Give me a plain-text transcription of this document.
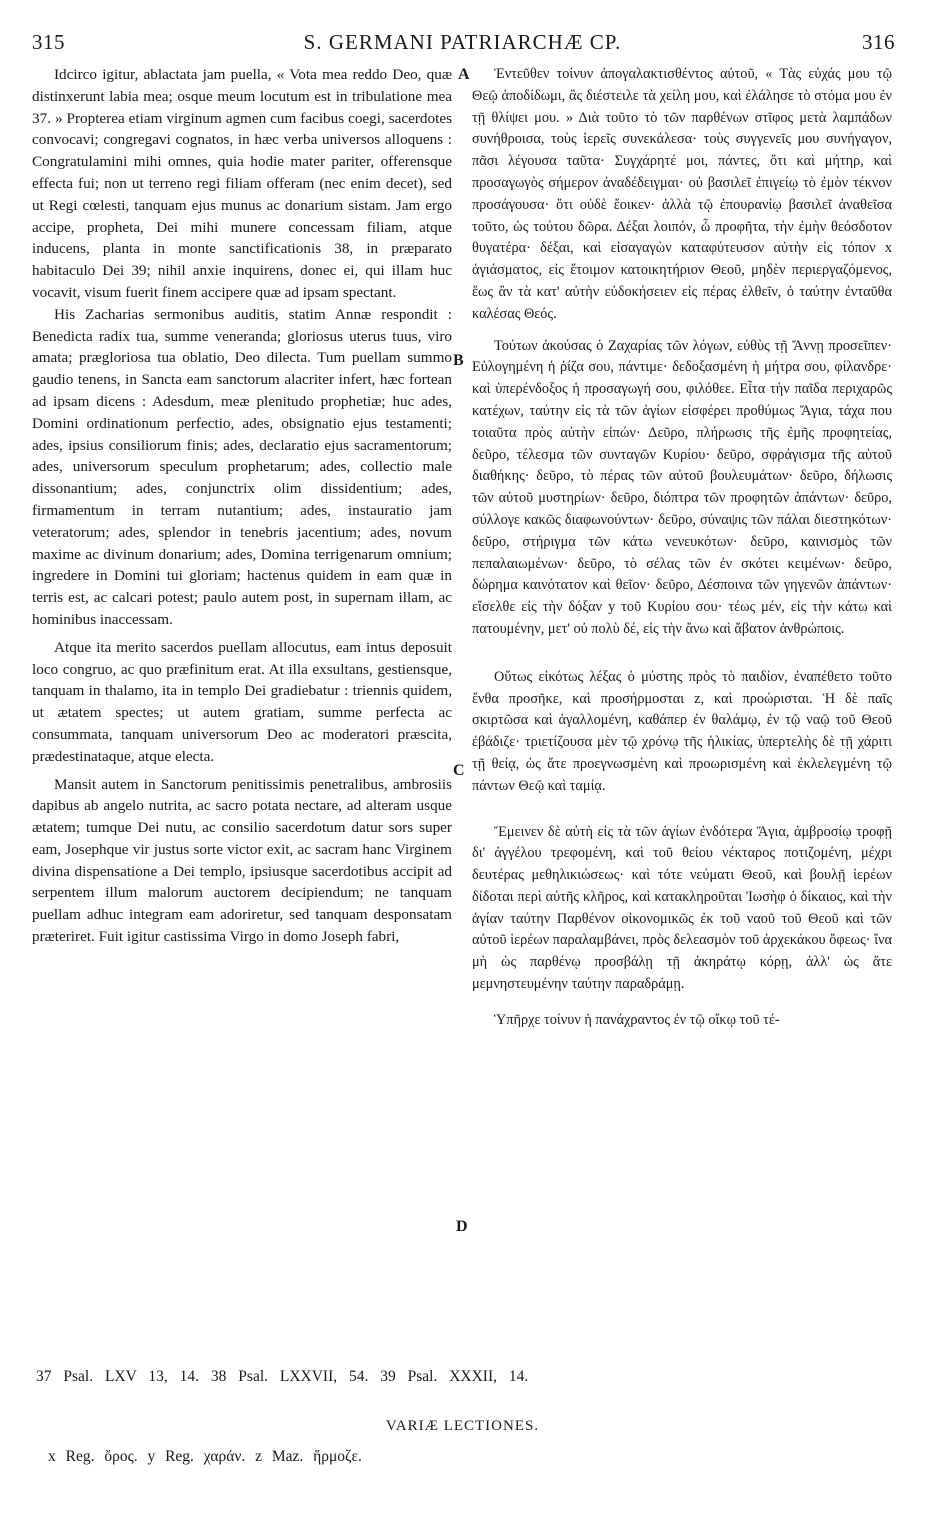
315	S. GERMANI PATRIARCHÆ CP.	316
A
B
C
D

Idcirco igitur, ablactata jam puella, « Vota mea reddo Deo, quæ distinxerunt labia mea; osque meum locutum est in tribulatione mea 37. » Propterea etiam virginum agmen cum facibus coegi, sacerdotes convocavi; congregavi cognatos, in hæc verba universos alloquens : Congratulamini mihi omnes, quia hodie mater pariter, offerensque effecta fui; non ut terreno regi filiam offeram (nec enim decet), sed ut Regi cœlesti, tanquam ejus munus ac donarium sistam. Jam ergo accipe, propheta, Dei mihi munere concessam filiam, atque inducens, planta in monte sanctificationis 38, in præparato habitaculo Dei 39; nihil anxie inquirens, donec ei, qui illam huc vocavit, visum fuerit finem accipere quæ ad ipsam spectant.

His Zacharias sermonibus auditis, statim Annæ respondit : Benedicta radix tua, summe veneranda; gloriosus uterus tuus, viro amata; prægloriosa tua oblatio, Deo dilecta. Tum puellam summo gaudio tenens, in Sancta eam sanctorum alacriter infert, hæc fortean ad ipsam dicens : Adesdum, meæ plenitudo prophetiæ; huc ades, Domini ordinationum perfectio, ades, obsignatio ejus testamenti; ades, ipsius consiliorum finis; ades, declaratio ejus sacramentorum; ades, universorum speculum prophetarum; ades, collectio male dissonantium; ades, conjunctrix olim dissidentium; ades, firmamentum in terram nutantium; ades, instauratio jam veteratorum; ades, splendor in tenebris jacentium; ades, novum maxime ac divinum donarium; ades, Domina terrigenarum omnium; ingredere in Domini tui gloriam; hactenus quidem in eam quæ in terris est, ac calcari potest; paulo autem post, in supernam illam, ac hominibus inaccessam.

Atque ita merito sacerdos puellam allocutus, eam intus deposuit loco congruo, ac quo præfinitum erat. At illa exsultans, gestiensque, tanquam in thalamo, ita in templo Dei gradiebatur : triennis quidem, ut ætatem spectes; ut autem gratiam, summe perfecta ac consummata, tanquam universorum Deo ac moderatori præscita, prædestinataque, atque electa.

Mansit autem in Sanctorum penitissimis penetralibus, ambrosiis dapibus ab angelo nutrita, ac sacro potata nectare, ad alteram usque ætatem; tumque Dei nutu, ac consilio sacerdotum datur sors super eam, Josephque vir justus sorte victor exit, ac sacram hanc Virginem divina dispensatione a Dei templo, ipsiusque sacerdotibus accipit ad serpentem illum malorum auctorem decipiendum; ne tanquam puellam adhuc integram eam adoriretur, sed tanquam desponsatam præteriret. Fuit igitur castissima Virgo in domo Joseph fabri,

Ἐντεῦθεν τοίνυν ἀπογαλακτισθέντος αὐτοῦ, « Τὰς εὐχάς μου τῷ Θεῷ ἀποδίδωμι, ἃς διέστειλε τὰ χείλη μου, καὶ ἐλάλησε τὸ στόμα μου ἐν τῇ θλίψει μου. » Διὰ τοῦτο τὸ τῶν παρθένων στῖφος μετὰ λαμπάδων συνήθροισα, τοὺς ἱερεῖς συνεκάλεσα· τοὺς συγγενεῖς μου συνήγαγον, πᾶσι λέγουσα ταῦτα· Συγχάρητέ μοι, πάντες, ὅτι καὶ μήτηρ, καὶ προσαγωγὸς σήμερον ἀναδέδειγμαι· οὐ βασιλεῖ ἐπιγείῳ τὸ ἐμὸν τέκνον προσάγουσα· ὅτι οὐδὲ ἔοικεν· ἀλλὰ τῷ ἐπουρανίῳ βασιλεῖ ἀναθεῖσα τοῦτο, ὡς τούτου δῶρα. Δέξαι λοιπόν, ὦ προφῆτα, τὴν ἐμὴν θεόσδοτον θυγατέρα· δέξαι, καὶ εἰσαγαγὼν καταφύτευσον αὐτὴν εἰς τόπον x ἁγιάσματος, εἰς ἕτοιμον κατοικητήριον Θεοῦ, μηδὲν περιεργαζόμενος, ἕως ἂν τὰ κατ' αὐτὴν εὐδοκήσειεν εἰς πέρας ἐλθεῖν, ὁ ταύτην ἐνταῦθα καλέσας Θεός.

Τούτων ἀκούσας ὁ Ζαχαρίας τῶν λόγων, εὐθὺς τῇ Ἄννῃ προσεῖπεν· Εὐλογημένη ἡ ῥίζα σου, πάντιμε· δεδοξασμένη ἡ μήτρα σου, φίλανδρε· καὶ ὑπερένδοξος ἡ προσαγωγή σου, φιλόθεε. Εἶτα τὴν παῖδα περιχαρῶς κατέχων, ταύτην εἰς τὰ τῶν ἁγίων εἰσφέρει προθύμως Ἅγια, τάχα που τοιαῦτα πρὸς αὐτὴν εἰπών· Δεῦρο, πλήρωσις τῆς ἐμῆς προφητείας, δεῦρο, τέλεσμα τῶν συνταγῶν Κυρίου· δεῦρο, σφράγισμα τῆς αὐτοῦ διαθήκης· δεῦρο, τὸ πέρας τῶν αὐτοῦ βουλευμάτων· δεῦρο, δήλωσις τῶν αὐτοῦ μυστηρίων· δεῦρο, διόπτρα τῶν προφητῶν ἁπάντων· δεῦρο, σύλλογε κακῶς διαφωνούντων· δεῦρο, σύναψις τῶν πάλαι διεστηκότων· δεῦρο, στήριγμα τῶν κάτω νενευκότων· δεῦρο, καινισμὸς τῶν πεπαλαιωμένων· δεῦρο, τὸ σέλας τῶν ἐν σκότει κειμένων· δεῦρο, δώρημα καινότατον καὶ θεῖον· δεῦρο, Δέσποινα τῶν γηγενῶν ἁπάντων· εἴσελθε εἰς τὴν δόξαν y τοῦ Κυρίου σου· τέως μέν, εἰς τὴν κάτω καὶ πατουμένην, μετ' οὐ πολὺ δέ, εἰς τὴν ἄνω καὶ ἄβατον ἀνθρώποις.

Οὕτως εἰκότως λέξας ὁ μύστης πρὸς τὸ παιδίον, ἐναπέθετο τοῦτο ἔνθα προσῆκε, καὶ προσήρμοσται z, καὶ προώρισται. Ἡ δὲ παῖς σκιρτῶσα καὶ ἀγαλλομένη, καθάπερ ἐν θαλάμῳ, ἐν τῷ ναῷ τοῦ Θεοῦ ἐβάδιζε· τριετίζουσα μὲν τῷ χρόνῳ τῆς ἡλικίας, ὑπερτελὴς δὲ τῇ χάριτι τῇ θείᾳ, ὡς ἅτε προεγνωσμένη καὶ προωρισμένη καὶ ἐκλελεγμένη τῷ πάντων Θεῷ καὶ ταμίᾳ.

Ἔμεινεν δὲ αὐτὴ εἰς τὰ τῶν ἁγίων ἐνδότερα Ἅγια, ἀμβροσίῳ τροφῇ δι' ἀγγέλου τρεφομένη, καὶ τοῦ θείου νέκταρος ποτιζομένη, μέχρι δευτέρας μεθηλικιώσεως· καὶ τότε νεύματι Θεοῦ, καὶ βουλῇ ἱερέων δίδοται περὶ αὐτῆς κλῆρος, καὶ κατακληροῦται Ἰωσὴφ ὁ δίκαιος, καὶ τὴν ἁγίαν ταύτην Παρθένον οἰκονομικῶς ἐκ τοῦ ναοῦ τοῦ Θεοῦ καὶ τῶν αὐτοῦ ἱερέων παραλαμβάνει, πρὸς δελεασμὸν τοῦ ἀρχεκάκου ὄφεως· ἵνα μὴ ὡς παρθένῳ προσβάλῃ τῇ ἀκηράτῳ κόρῃ, ἀλλ' ὡς ἅτε μεμνηστευμένην ταύτην παραδράμῃ.

Ὑπῆρχε τοίνυν ἡ πανάχραντος ἐν τῷ οἴκῳ τοῦ τέ-

37 Psal. LXV 13, 14. 38 Psal. LXXVII, 54. 39 Psal. XXXII, 14.
VARIÆ LECTIONES.
x Reg. ὄρος. y Reg. χαράν. z Maz. ἥρμοζε.
